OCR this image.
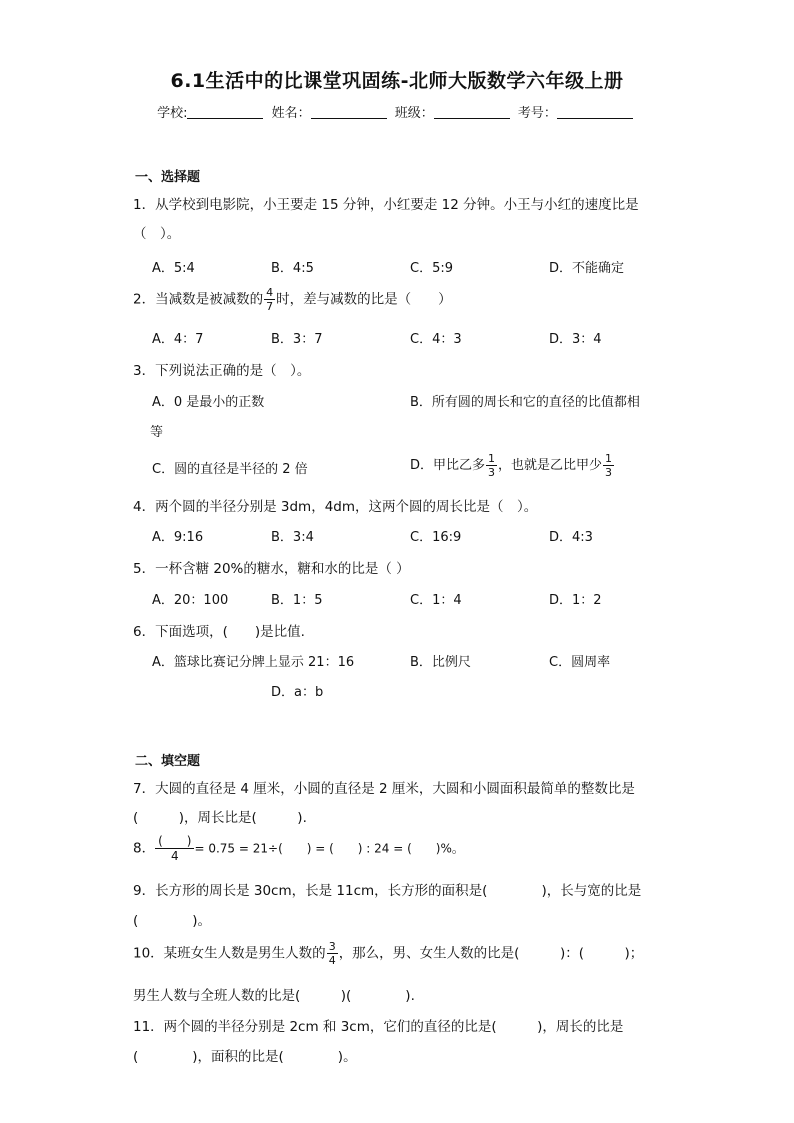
6.1生活中的比课堂巩固练-北师大版数学六年级上册
学校:	姓名：	班级：	考号：
一、选择题
1．从学校到电影院，小王要走 15 分钟，小红要走 12 分钟。小王与小红的速度比是
（　）。
A．5:4	B．4:5	C．5:9	D．不能确定
2．当减数是被减数的 $\frac{4}{7}$ 时，差与减数的比是（　　）
A．4：7	B．3：7	C．4：3	D．3：4
3．下列说法正确的是（　）。
A．0 是最小的正数	B．所有圆的周长和它的直径的比值都相
等
C．圆的直径是半径的 2 倍	D．甲比乙多 $\frac{1}{3}$ ，也就是乙比甲少 $\frac{1}{3}$
4．两个圆的半径分别是 3dm，4dm，这两个圆的周长比是（　）。
A．9:16	B．3:4	C．16:9	D．4:3
5．一杯含糖 20%的糖水，糖和水的比是（ ）
A．20：100	B．1：5	C．1：4	D．1：2
6．下面选项，(　　)是比值.
A．篮球比赛记分牌上显示 21：16	B．比例尺	C．圆周率
D．a：b
二、填空题
7．大圆的直径是 4 厘米，小圆的直径是 2 厘米，大圆和小圆面积最简单的整数比是
(　　　)，周长比是(　　　).
8． $\frac{( )}{4}= 0.75 = 21\div$(　　) = (　　) : 24 = (　　)%。
9．长方形的周长是 30cm，长是 11cm，长方形的面积是(　　　　)，长与宽的比是
(　　　　)。
10．某班女生人数是男生人数的 $\frac{3}{4}$ ，那么，男、女生人数的比是(　　　)：(　　　)；
男生人数与全班人数的比是(　　　)(　　　　).
11．两个圆的半径分别是 2cm 和 3cm，它们的直径的比是(　　　)，周长的比是
(　　　　)，面积的比是(　　　　)。
